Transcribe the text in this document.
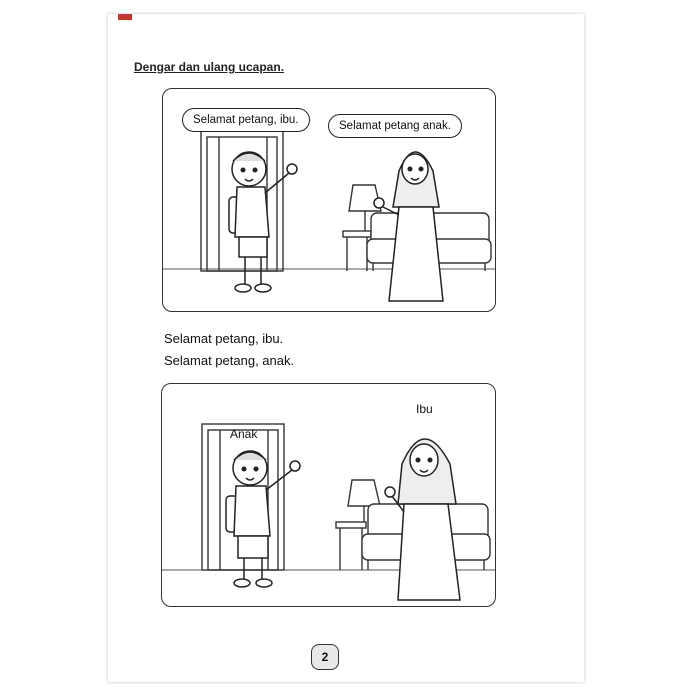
Dengar dan ulang ucapan.
Selamat petang, ibu.	Selamat petang anak.
Selamat petang, ibu.
Selamat petang, anak.
Ibu
Anak
2
